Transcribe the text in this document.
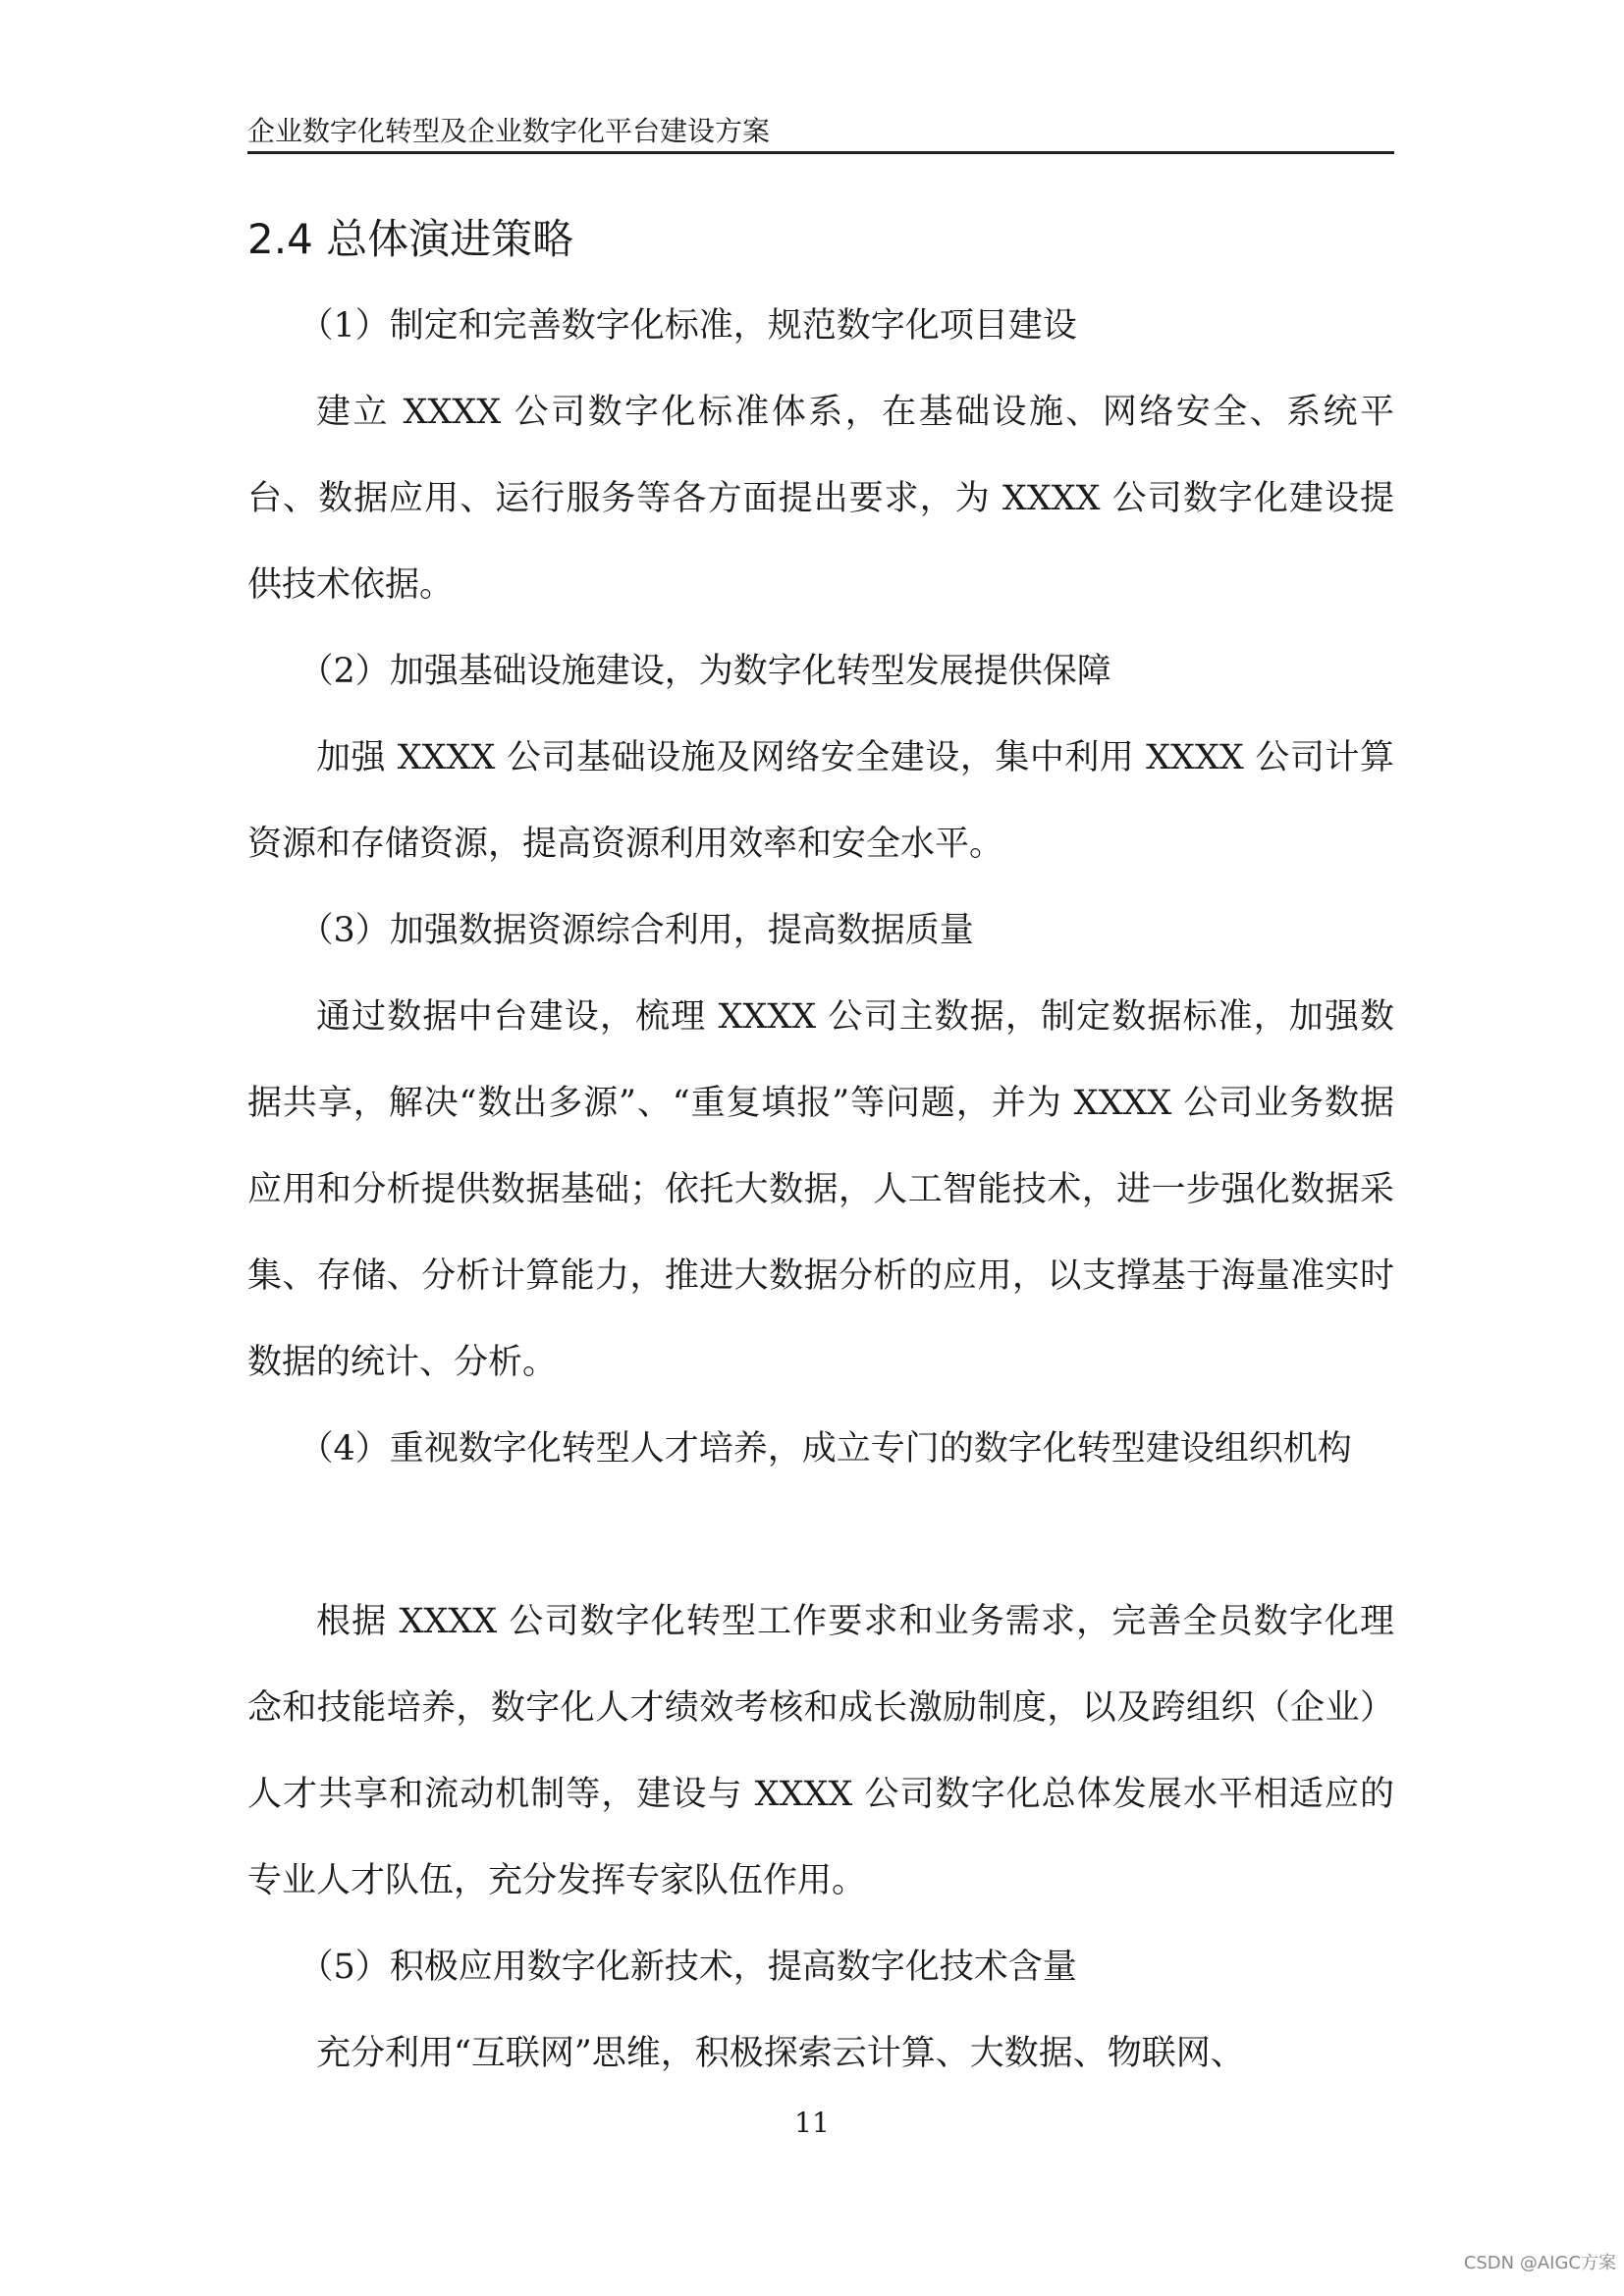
企业数字化转型及企业数字化平台建设方案
2.4 总体演进策略

（1）制定和完善数字化标准，规范数字化项目建设

建立 XXXX 公司数字化标准体系，在基础设施、网络安全、系统平台、数据应用、运行服务等各方面提出要求，为 XXXX 公司数字化建设提供技术依据。

（2）加强基础设施建设，为数字化转型发展提供保障

加强 XXXX 公司基础设施及网络安全建设，集中利用 XXXX 公司计算资源和存储资源，提高资源利用效率和安全水平。

（3）加强数据资源综合利用，提高数据质量

通过数据中台建设，梳理 XXXX 公司主数据，制定数据标准，加强数据共享，解决“数出多源”、“重复填报”等问题，并为 XXXX 公司业务数据应用和分析提供数据基础；依托大数据，人工智能技术，进一步强化数据采集、存储、分析计算能力，推进大数据分析的应用，以支撑基于海量准实时数据的统计、分析。

（4）重视数字化转型人才培养，成立专门的数字化转型建设组织机构

根据 XXXX 公司数字化转型工作要求和业务需求，完善全员数字化理念和技能培养，数字化人才绩效考核和成长激励制度，以及跨组织（企业）人才共享和流动机制等，建设与 XXXX 公司数字化总体发展水平相适应的专业人才队伍，充分发挥专家队伍作用。

（5）积极应用数字化新技术，提高数字化技术含量

充分利用“互联网”思维，积极探索云计算、大数据、物联网、

11
CSDN @AIGC方案
